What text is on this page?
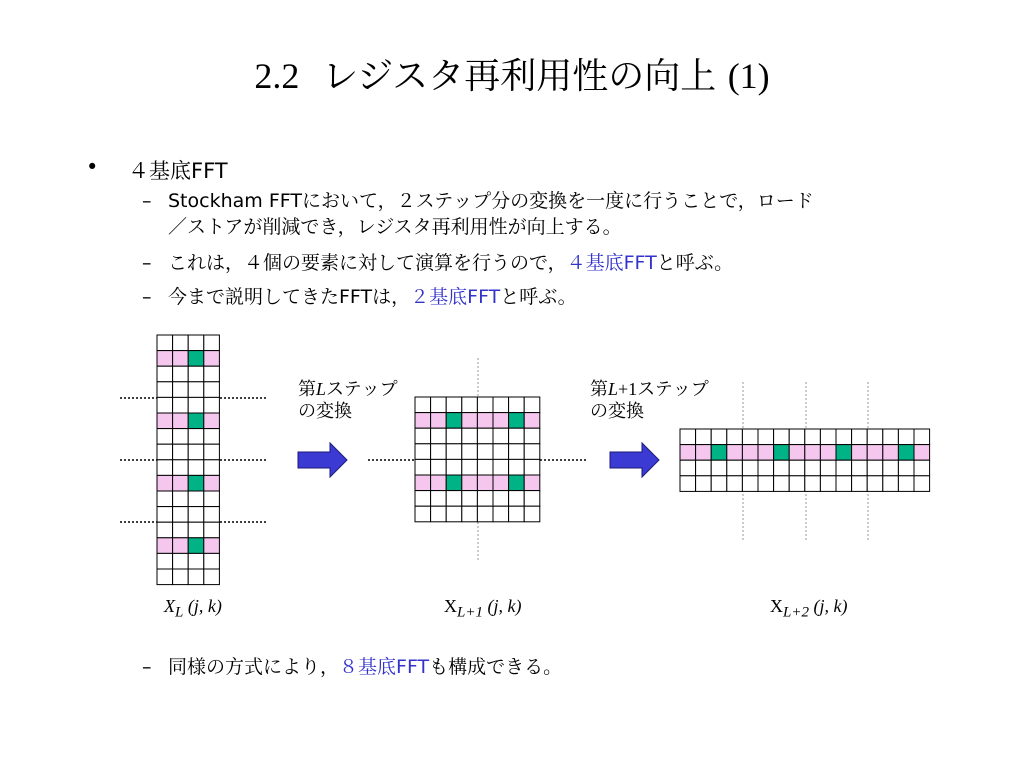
2.2 レジスタ再利用性の向上 (1)
• ４基底FFT
– Stockham FFTにおいて，２ステップ分の変換を一度に行うことで，ロード
／ストアが削減でき，レジスタ再利用性が向上する。
– これは，４個の要素に対して演算を行うので，４基底FFTと呼ぶ。
– 今まで説明してきたFFTは，２基底FFTと呼ぶ。
– 同様の方式により，８基底FFTも構成できる。
第Lステップ
の変換
第L+1ステップ
の変換
$X_L$ (j, k)	$X_{L+1}$ (j, k)	$X_{L+2}$ (j, k)
